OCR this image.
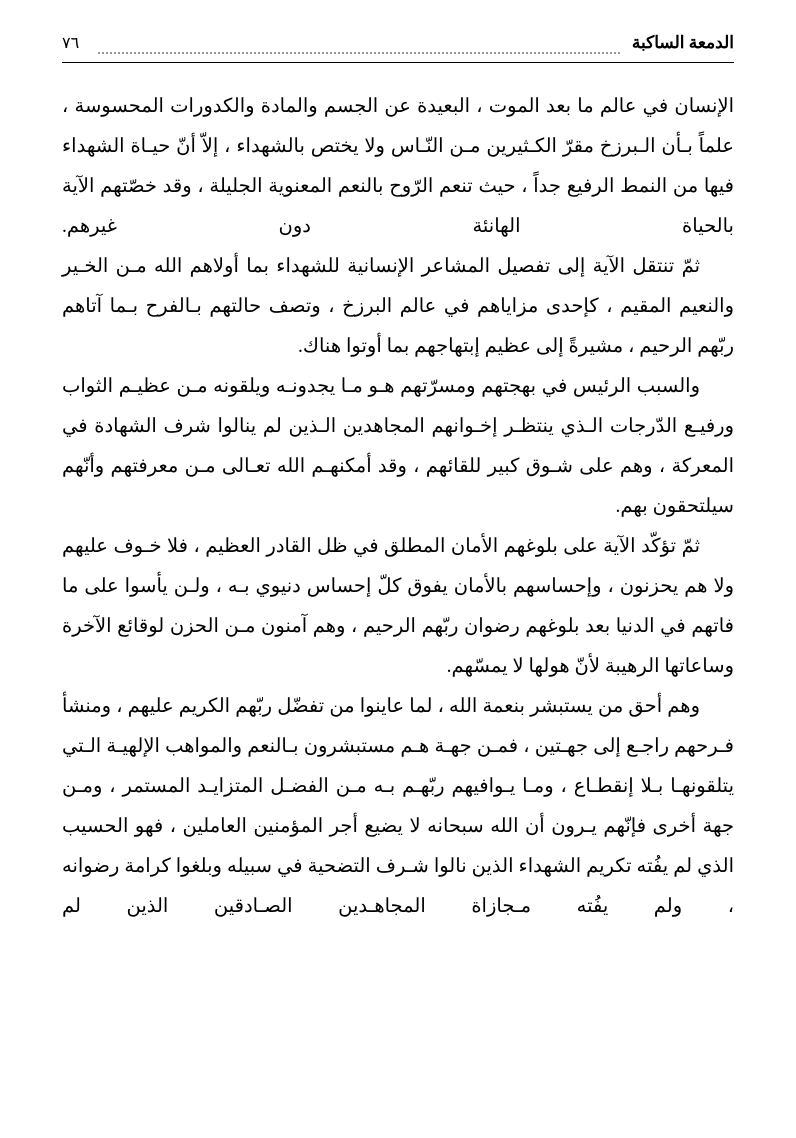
الدمعة الساكبة
٧٦

الإنسان في عالم ما بعد الموت ، البعيدة عن الجسم والمادة والكدورات المحسوسة ، علماً بـأن الـبرزخ مقرّ الكـثيرين مـن النّـاس ولا يختص بالشهداء ، إلاّ أنّ حيـاة الشهداء فيها من النمط الرفيع جداً ، حيث تنعم الرّوح بالنعم المعنوية الجليلة ، وقد خصّتهم الآية بالحياة الهانئة دون غيرهم.

ثمّ تنتقل الآية إلى تفصيل المشاعر الإنسانية للشهداء بما أولاهم الله مـن الخـير والنعيم المقيم ، كإحدى مزاياهم في عالم البرزخ ، وتصف حالتهم بـالفرح بـما آتاهم ربّهم الرحيم ، مشيرةً إلى عظيم إبتهاجهم بما أوتوا هناك.

والسبب الرئيس في بهجتهم ومسرّتهم هـو مـا يجدونـه ويلقونه مـن عظيـم الثواب ورفيـع الدّرجات الـذي ينتظـر إخـوانهم المجاهدين الـذين لم ينالوا شرف الشهادة في المعركة ، وهم على شـوق كبير للقائهم ، وقد أمكنهـم الله تعـالى مـن معرفتهم وأنّهم سيلتحقون بهم.

ثمّ تؤكّد الآية على بلوغهم الأمان المطلق في ظل القادر العظيم ، فلا خـوف عليهم ولا هم يحزنون ، وإحساسهم بالأمان يفوق كلّ إحساس دنيوي بـه ، ولـن يأسوا على ما فاتهم في الدنيا بعد بلوغهم رضوان ربّهم الرحيم ، وهم آمنون مـن الحزن لوقائع الآخرة وساعاتها الرهيبة لأنّ هولها لا يمسّهم.

وهم أحق من يستبشر بنعمة الله ، لما عاينوا من تفضّل ربّهم الكريم عليهم ، ومنشأ فـرحهم راجـع إلى جهـتين ، فمـن جهـة هـم مستبشرون بـالنعم والمواهب الإلهيـة الـتي يتلقونهـا بـلا إنقطـاع ، ومـا يـوافيهم ربّهـم بـه مـن الفضـل المتزايـد المستمر ، ومـن جهة أخرى فإنّهم يـرون أن الله سبحانه لا يضيع أجر المؤمنين العاملين ، فهو الحسيب الذي لم يفُته تكريم الشهداء الذين نالوا شـرف التضحية في سبيله وبلغوا كرامة رضوانه ، ولم يفُته مـجازاة المجاهـدين الصـادقين الذين لم
